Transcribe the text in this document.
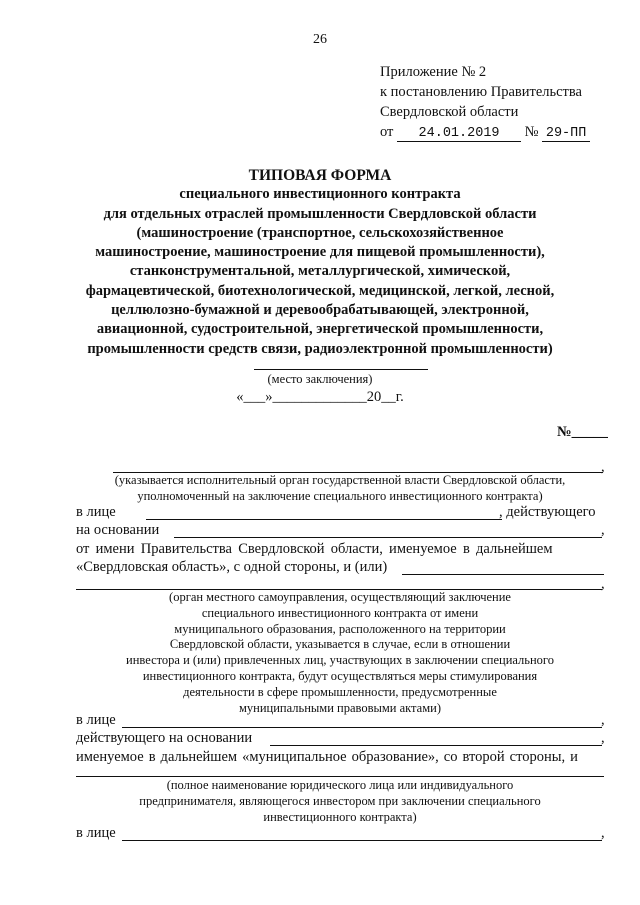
26
Приложение № 2
к постановлению Правительства
Свердловской области
от 24.01.2019 № 29-ПП
ТИПОВАЯ ФОРМА
специального инвестиционного контракта
для отдельных отраслей промышленности Свердловской области
(машиностроение (транспортное, сельскохозяйственное
машиностроение, машиностроение для пищевой промышленности),
станконструментальной, металлургической, химической,
фармацевтической, биотехнологической, медицинской, легкой, лесной,
целлюлозно-бумажной и деревообрабатывающей, электронной,
авиационной, судостроительной, энергетической промышленности,
промышленности средств связи, радиоэлектронной промышленности)
(место заключения)
«___»_____________20__г.
№_____
,
(указывается исполнительный орган государственной власти Свердловской области,
уполномоченный на заключение специального инвестиционного контракта)
в лице	, действующего
на основании	,
от имени Правительства Свердловской области, именуемое в дальнейшем
«Свердловская область», с одной стороны, и (или)
,
(орган местного самоуправления, осуществляющий заключение
специального инвестиционного контракта от имени
муниципального образования, расположенного на территории
Свердловской области, указывается в случае, если в отношении
инвестора и (или) привлеченных лиц, участвующих в заключении специального
инвестиционного контракта, будут осуществляться меры стимулирования
деятельности в сфере промышленности, предусмотренные
муниципальными правовыми актами)
в лице	,
действующего на основании	,
именуемое в дальнейшем «муниципальное образование», со второй стороны, и
(полное наименование юридического лица или индивидуального
предпринимателя, являющегося инвестором при заключении специального
инвестиционного контракта)
в лице	,
